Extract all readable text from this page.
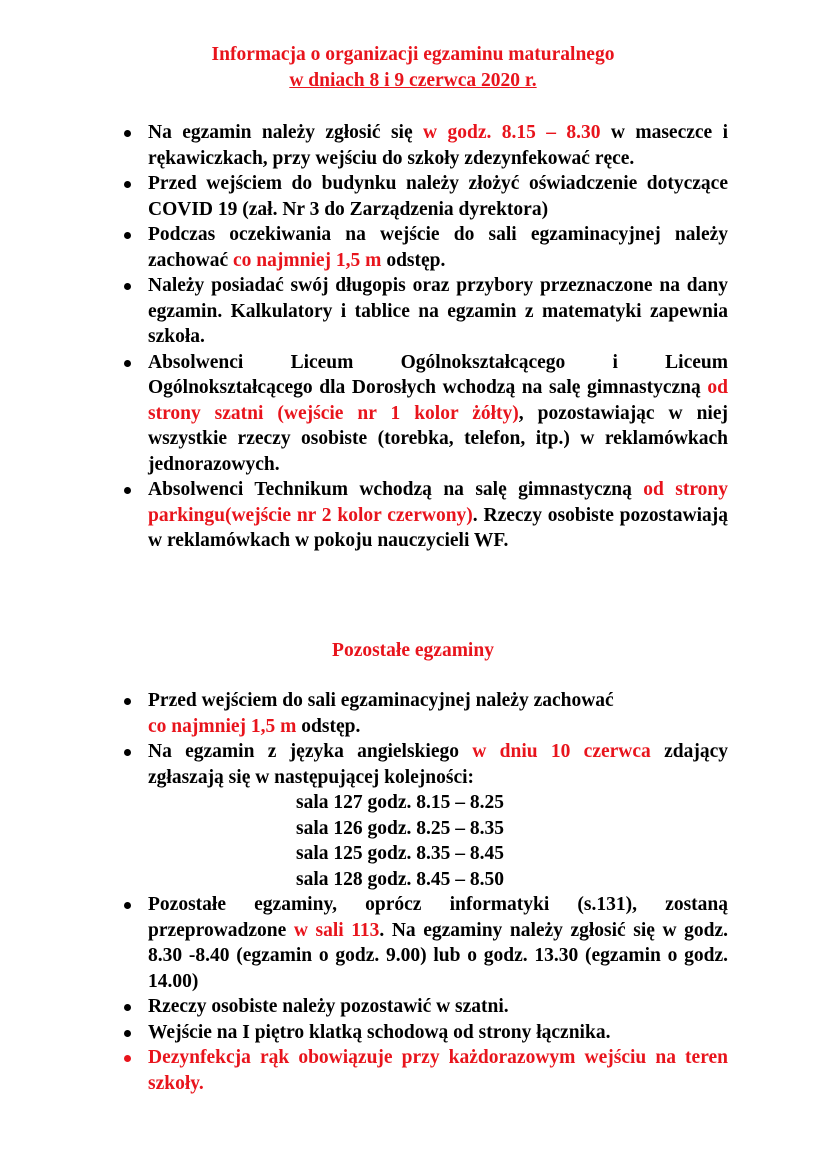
Informacja o organizacji egzaminu maturalnego
w dniach 8 i 9 czerwca 2020 r.
Na egzamin należy zgłosić się w godz. 8.15 – 8.30 w maseczce i rękawiczkach, przy wejściu do szkoły zdezynfekować ręce.
Przed wejściem do budynku należy złożyć oświadczenie dotyczące COVID 19 (zał. Nr 3 do Zarządzenia dyrektora)
Podczas oczekiwania na wejście do sali egzaminacyjnej należy zachować co najmniej 1,5 m odstęp.
Należy posiadać swój długopis oraz przybory przeznaczone na dany egzamin. Kalkulatory i tablice na egzamin z matematyki zapewnia szkoła.
Absolwenci Liceum Ogólnokształcącego i Liceum Ogólnokształcącego dla Dorosłych wchodzą na salę gimnastyczną od strony szatni (wejście nr 1 kolor żółty), pozostawiając w niej wszystkie rzeczy osobiste (torebka, telefon, itp.) w reklamówkach jednorazowych.
Absolwenci Technikum wchodzą na salę gimnastyczną od strony parkingu(wejście nr 2 kolor czerwony). Rzeczy osobiste pozostawiają w reklamówkach w pokoju nauczycieli WF.
Pozostałe egzaminy
Przed wejściem do sali egzaminacyjnej należy zachować
co najmniej 1,5 m odstęp.
Na egzamin z języka angielskiego w dniu 10 czerwca zdający zgłaszają się w następującej kolejności:
sala 127 godz. 8.15 – 8.25
sala 126 godz. 8.25 – 8.35
sala 125 godz. 8.35 – 8.45
sala 128 godz. 8.45 – 8.50
Pozostałe egzaminy, oprócz informatyki (s.131), zostaną przeprowadzone w sali 113. Na egzaminy należy zgłosić się w godz. 8.30 -8.40 (egzamin o godz. 9.00) lub o godz. 13.30 (egzamin o godz. 14.00)
Rzeczy osobiste należy pozostawić w szatni.
Wejście na I piętro klatką schodową od strony łącznika.
Dezynfekcja rąk obowiązuje przy każdorazowym wejściu na teren szkoły.
